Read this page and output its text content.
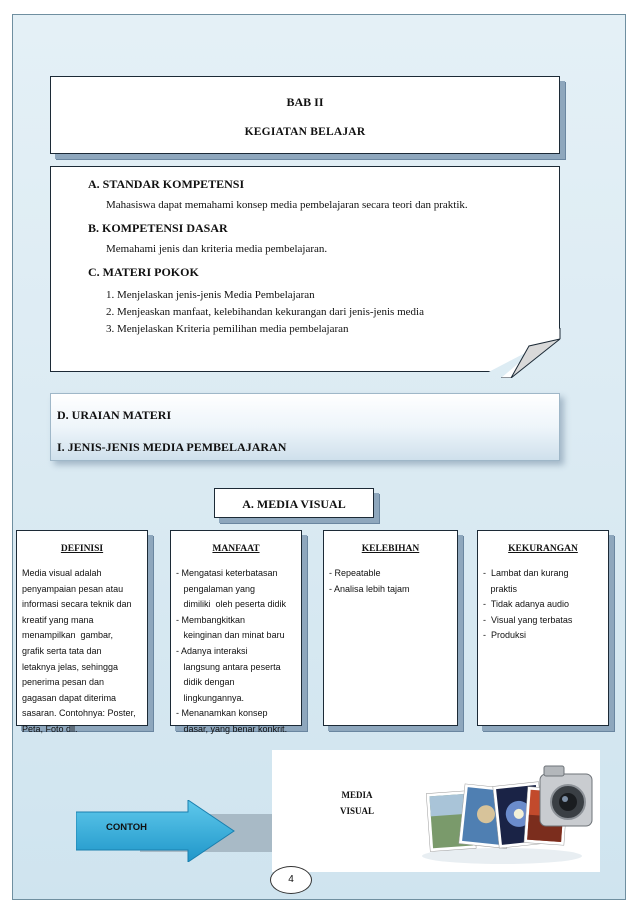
BAB II
KEGIATAN BELAJAR
A. STANDAR KOMPETENSI
Mahasiswa dapat memahami konsep media pembelajaran secara teori dan praktik.
B. KOMPETENSI DASAR
Memahami jenis dan kriteria media pembelajaran.
C. MATERI POKOK
1. Menjelaskan jenis-jenis Media Pembelajaran
2. Menjeaskan manfaat, kelebihandan kekurangan dari jenis-jenis media
3. Menjelaskan Kriteria pemilihan media pembelajaran
D. URAIAN MATERI
I. JENIS-JENIS MEDIA PEMBELAJARAN
A. MEDIA VISUAL
DEFINISI
Media visual adalah
penyampaian pesan atau
informasi secara teknik dan
kreatif yang mana
menampilkan  gambar,
grafik serta tata dan
letaknya jelas, sehingga
penerima pesan dan
gagasan dapat diterima
sasaran. Contohnya: Poster,
Peta, Foto dll.
MANFAAT
- Mengatasi keterbatasan
pengalaman yang
dimiliki  oleh peserta didik
- Membangkitkan
keinginan dan minat baru
- Adanya interaksi
langsung antara peserta
didik dengan
lingkungannya.
- Menanamkan konsep
dasar, yang benar konkrit.
KELEBIHAN
- Repeatable
- Analisa lebih tajam
KEKURANGAN
-  Lambat dan kurang
praktis
-  Tidak adanya audio
-  Visual yang terbatas
-  Produksi
CONTOH
MEDIA
VISUAL
4
